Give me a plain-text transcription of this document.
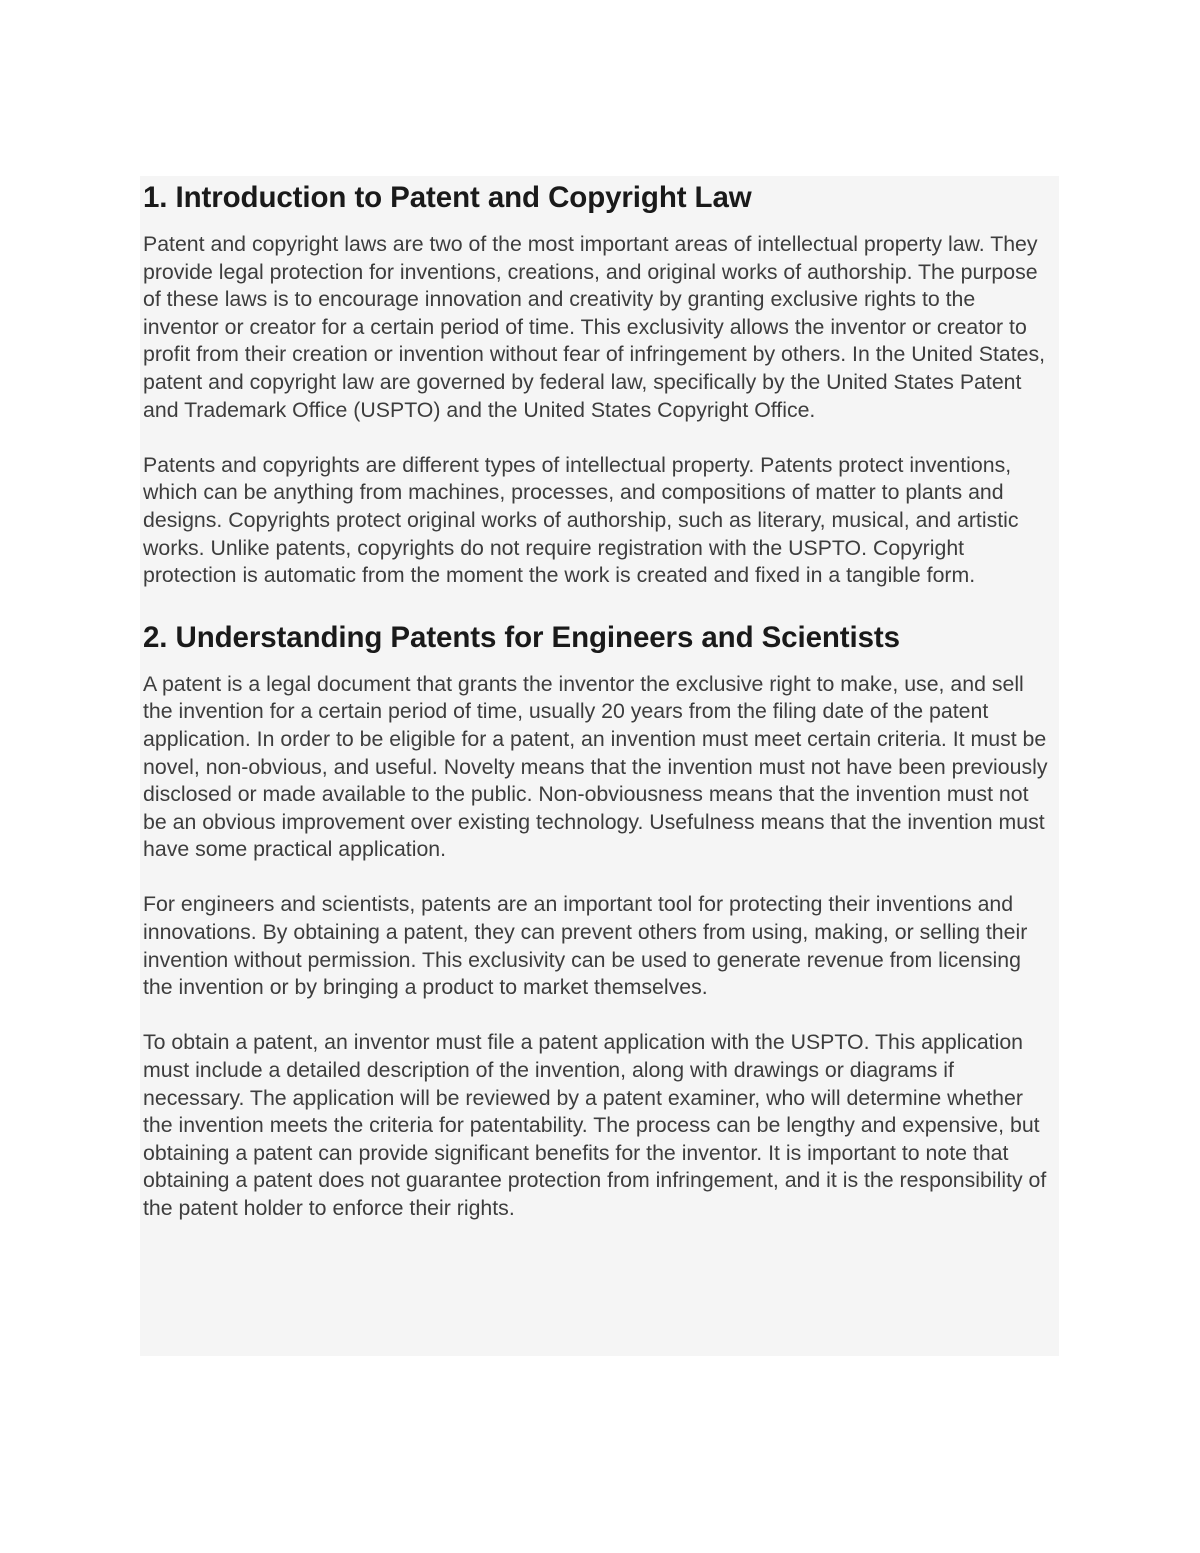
1. Introduction to Patent and Copyright Law

Patent and copyright laws are two of the most important areas of intellectual property law. They provide legal protection for inventions, creations, and original works of authorship. The purpose of these laws is to encourage innovation and creativity by granting exclusive rights to the inventor or creator for a certain period of time. This exclusivity allows the inventor or creator to profit from their creation or invention without fear of infringement by others. In the United States, patent and copyright law are governed by federal law, specifically by the United States Patent and Trademark Office (USPTO) and the United States Copyright Office.

Patents and copyrights are different types of intellectual property. Patents protect inventions, which can be anything from machines, processes, and compositions of matter to plants and designs. Copyrights protect original works of authorship, such as literary, musical, and artistic works. Unlike patents, copyrights do not require registration with the USPTO. Copyright protection is automatic from the moment the work is created and fixed in a tangible form.

2. Understanding Patents for Engineers and Scientists

A patent is a legal document that grants the inventor the exclusive right to make, use, and sell the invention for a certain period of time, usually 20 years from the filing date of the patent application. In order to be eligible for a patent, an invention must meet certain criteria. It must be novel, non-obvious, and useful. Novelty means that the invention must not have been previously disclosed or made available to the public. Non-obviousness means that the invention must not be an obvious improvement over existing technology. Usefulness means that the invention must have some practical application.

For engineers and scientists, patents are an important tool for protecting their inventions and innovations. By obtaining a patent, they can prevent others from using, making, or selling their invention without permission. This exclusivity can be used to generate revenue from licensing the invention or by bringing a product to market themselves.

To obtain a patent, an inventor must file a patent application with the USPTO. This application must include a detailed description of the invention, along with drawings or diagrams if necessary. The application will be reviewed by a patent examiner, who will determine whether the invention meets the criteria for patentability. The process can be lengthy and expensive, but obtaining a patent can provide significant benefits for the inventor. It is important to note that obtaining a patent does not guarantee protection from infringement, and it is the responsibility of the patent holder to enforce their rights.
